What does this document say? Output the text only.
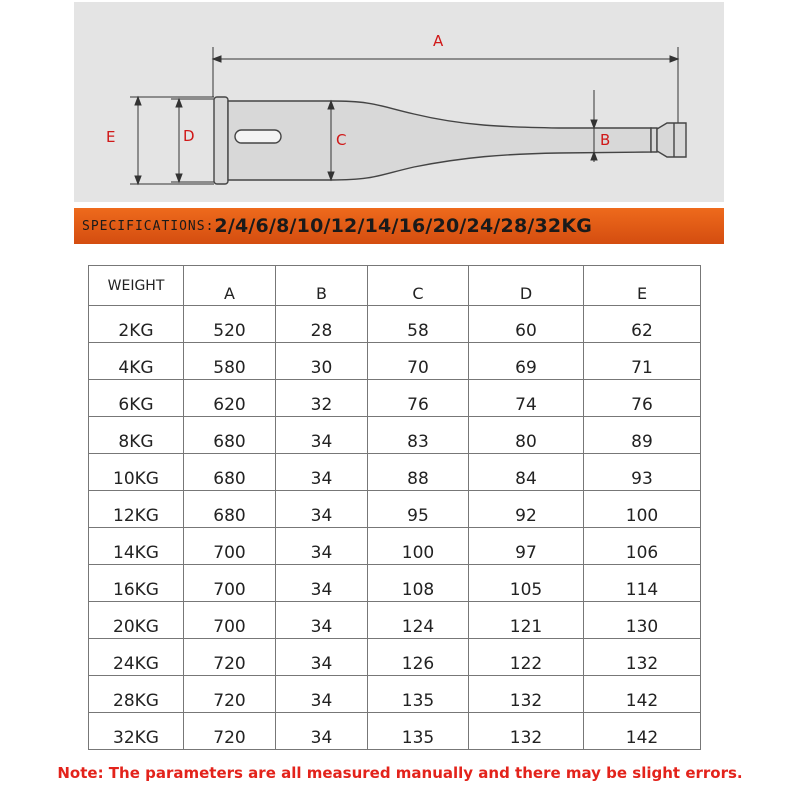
A
B
C
D
E
SPECIFICATIONS: 2/4/6/8/10/12/14/16/20/24/28/32KG
WEIGHT	A	B	C	D	E
2KG	520	28	58	60	62
4KG	580	30	70	69	71
6KG	620	32	76	74	76
8KG	680	34	83	80	89
10KG	680	34	88	84	93
12KG	680	34	95	92	100
14KG	700	34	100	97	106
16KG	700	34	108	105	114
20KG	700	34	124	121	130
24KG	720	34	126	122	132
28KG	720	34	135	132	142
32KG	720	34	135	132	142
Note: The parameters are all measured manually and there may be slight errors.
